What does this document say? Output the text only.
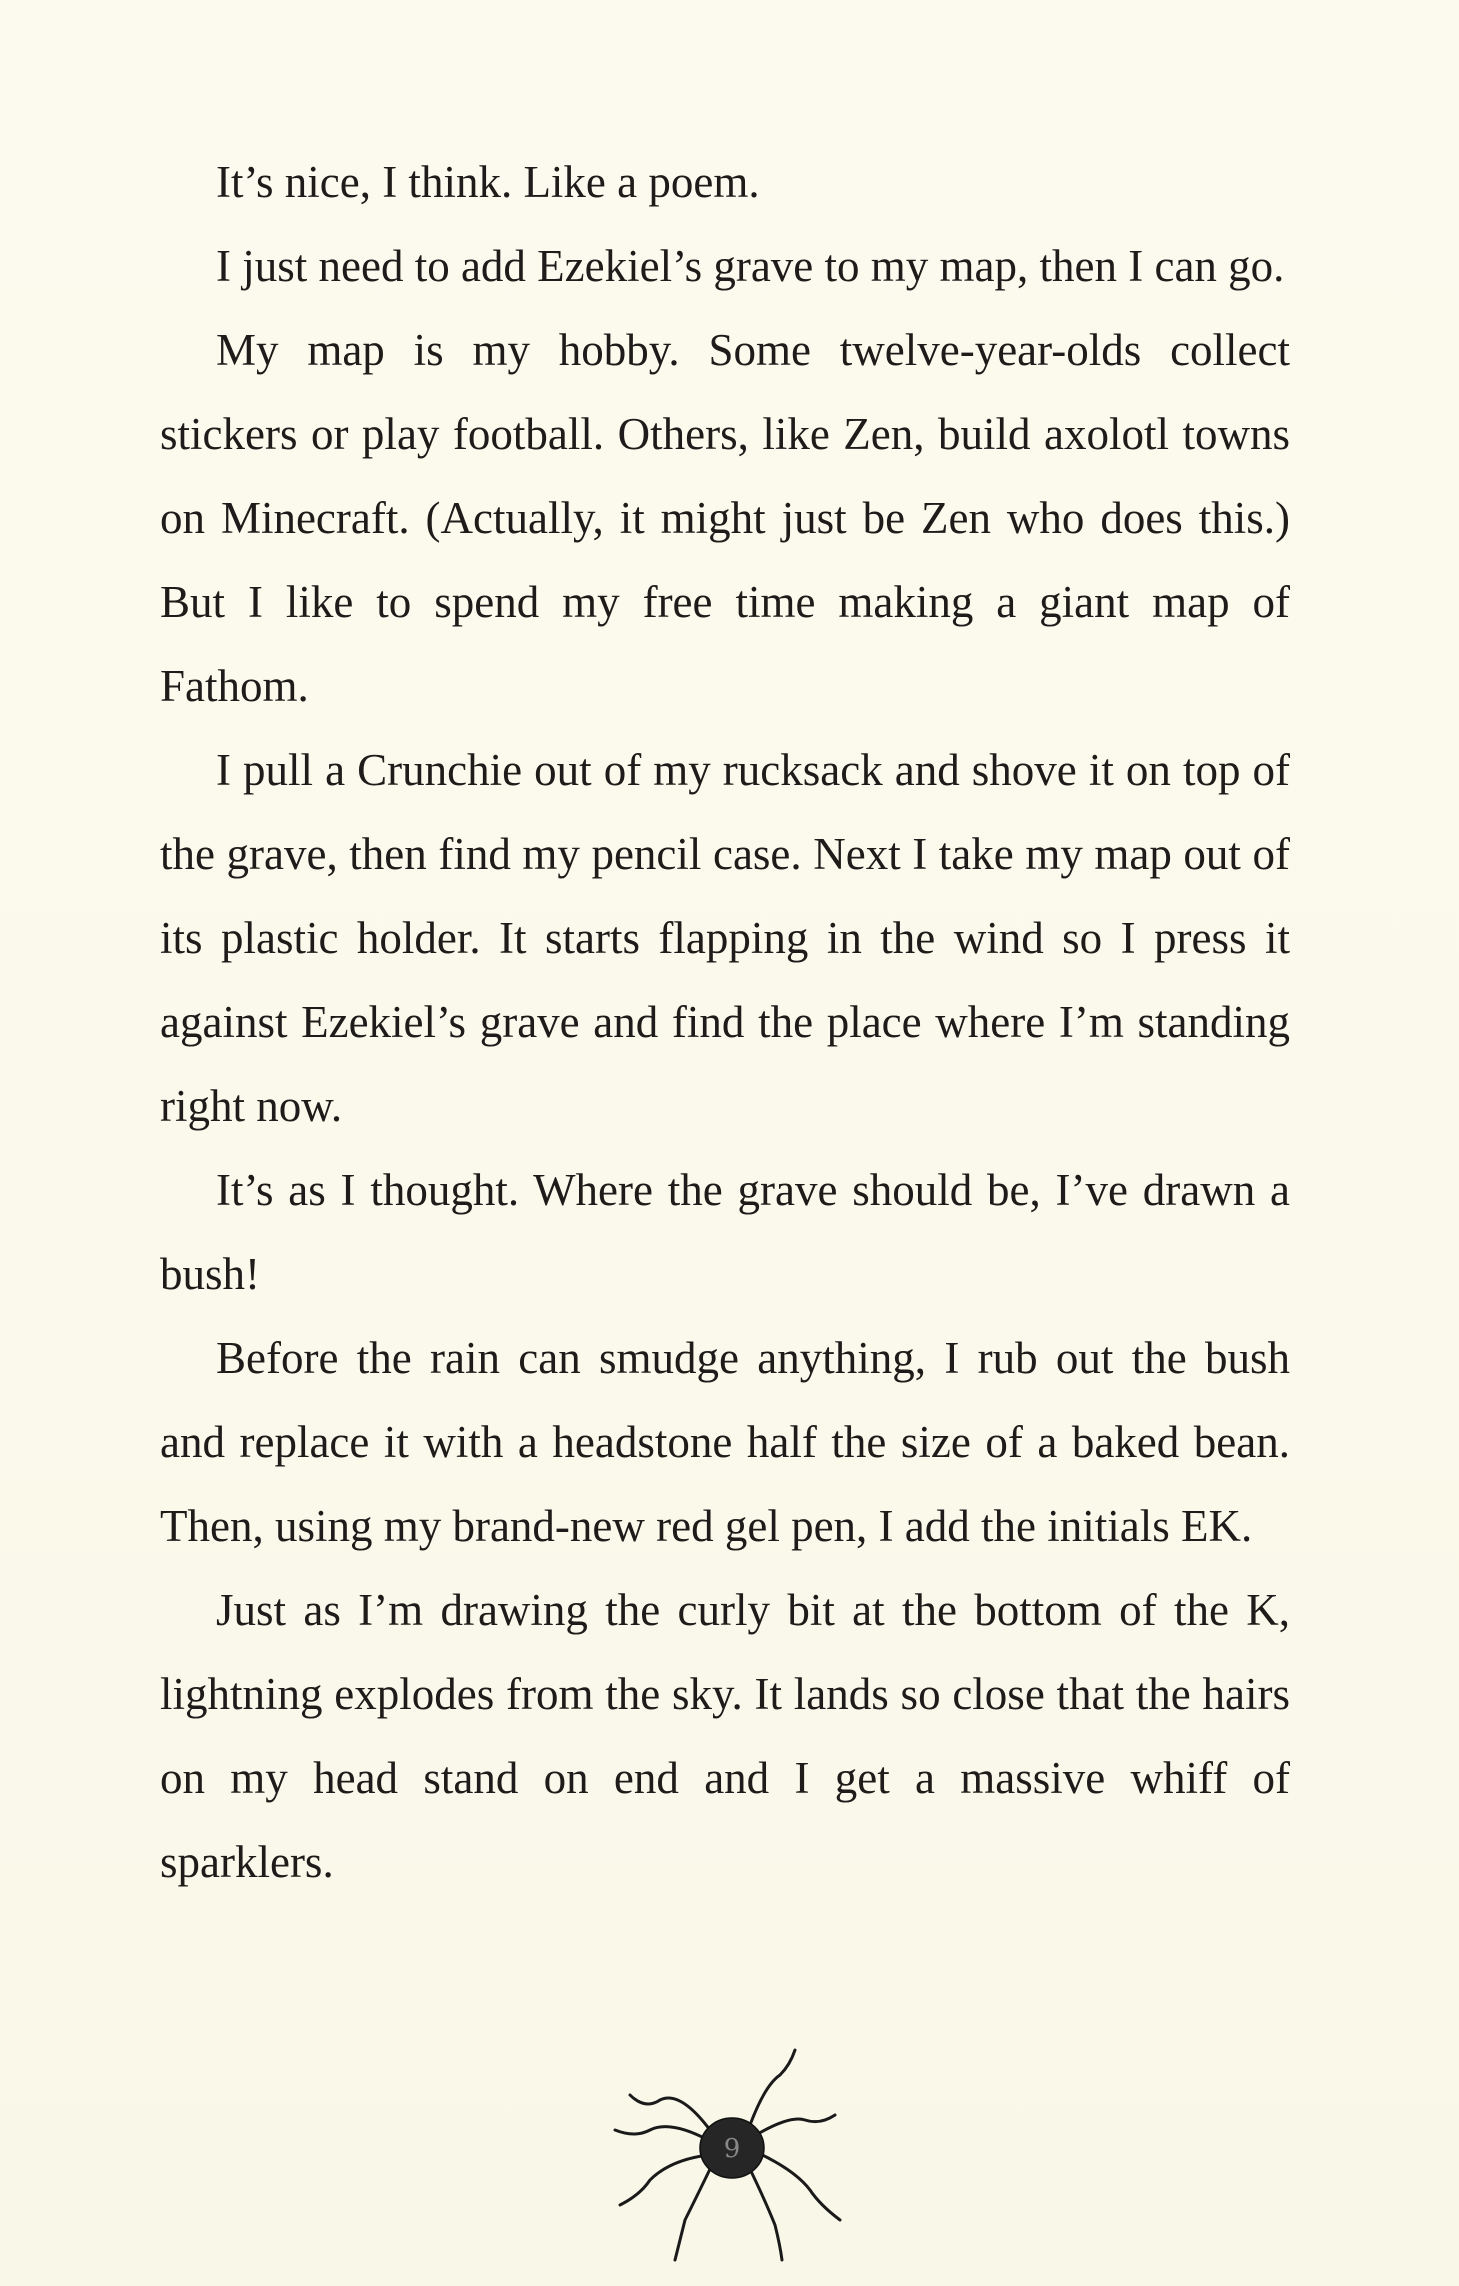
It’s nice, I think. Like a poem.

I just need to add Ezekiel’s grave to my map, then I can go.

My map is my hobby. Some twelve-year-olds collect stickers or play football. Others, like Zen, build axolotl towns on Minecraft. (Actually, it might just be Zen who does this.) But I like to spend my free time making a giant map of Fathom.

I pull a Crunchie out of my rucksack and shove it on top of the grave, then find my pencil case. Next I take my map out of its plastic holder. It starts flapping in the wind so I press it against Ezekiel’s grave and find the place where I’m standing right now.

It’s as I thought. Where the grave should be, I’ve drawn a bush!

Before the rain can smudge anything, I rub out the bush and replace it with a headstone half the size of a baked bean. Then, using my brand-new red gel pen, I add the initials EK.

Just as I’m drawing the curly bit at the bottom of the K, lightning explodes from the sky. It lands so close that the hairs on my head stand on end and I get a massive whiff of sparklers.

9
